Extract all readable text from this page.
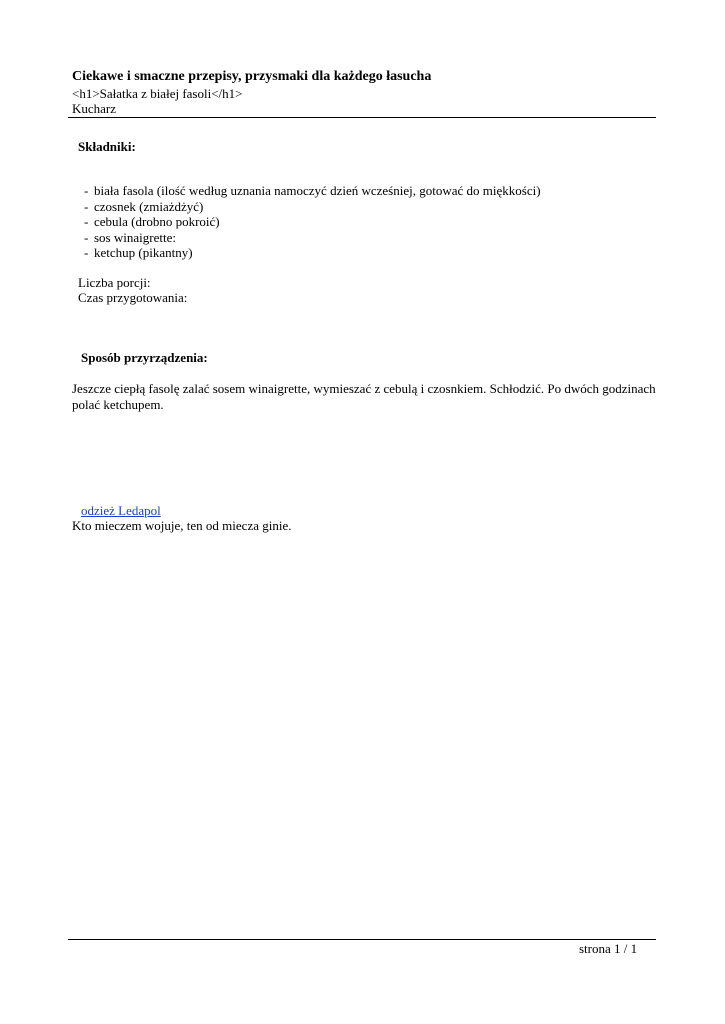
Ciekawe i smaczne przepisy, przysmaki dla każdego łasucha
<h1>Sałatka z białej fasoli</h1>
Kucharz
Składniki:
- biała fasola (ilość według uznania namoczyć dzień wcześniej, gotować do miękkości)
- czosnek (zmiażdżyć)
- cebula (drobno pokroić)
- sos winaigrette:
- ketchup (pikantny)
Liczba porcji:
Czas przygotowania:
Sposób przyrządzenia:
Jeszcze ciepłą fasolę zalać sosem winaigrette, wymieszać z cebulą i czosnkiem. Schłodzić. Po dwóch godzinach polać ketchupem.
odzież Ledapol
Kto mieczem wojuje, ten od miecza ginie.
strona 1 / 1
